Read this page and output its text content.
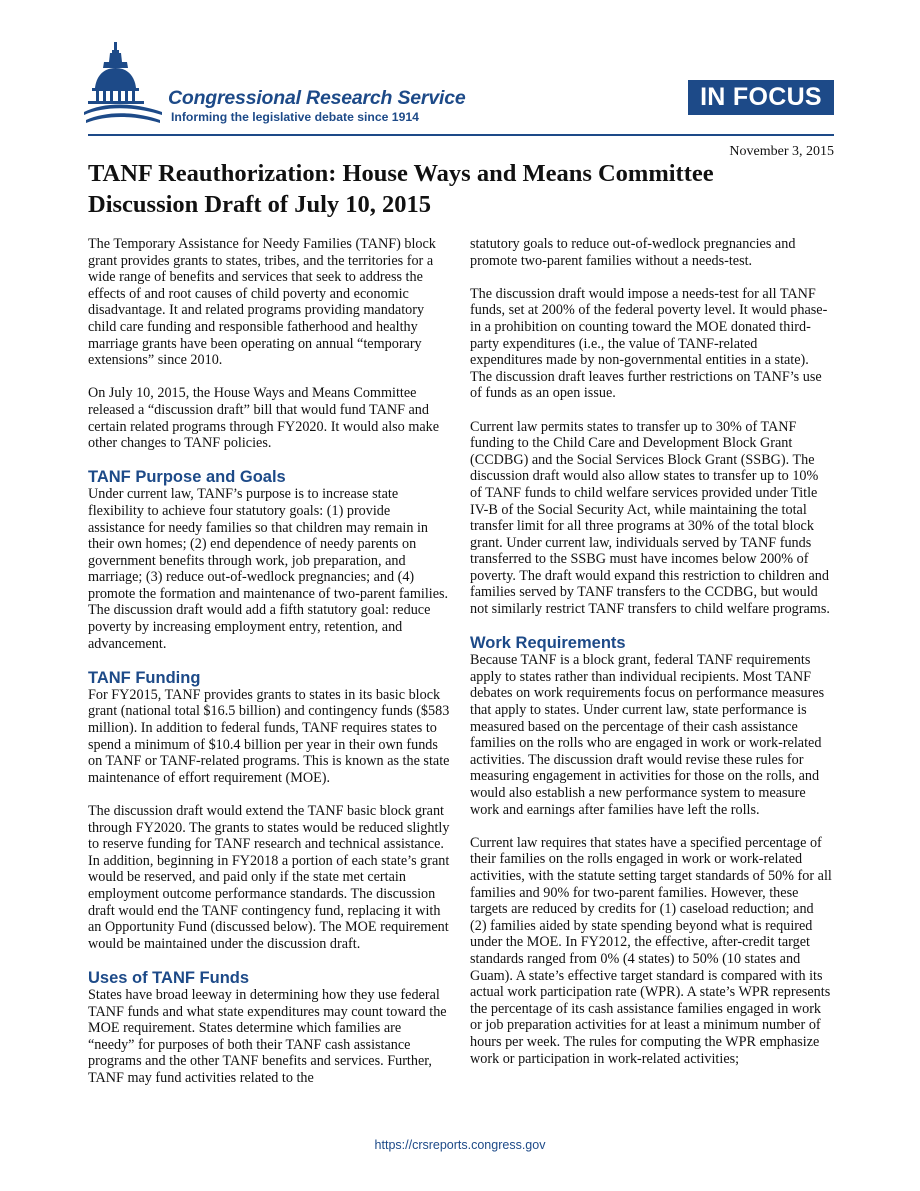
Congressional Research Service
Informing the legislative debate since 1914
IN FOCUS
November 3, 2015
TANF Reauthorization: House Ways and Means Committee Discussion Draft of July 10, 2015

The Temporary Assistance for Needy Families (TANF) block grant provides grants to states, tribes, and the territories for a wide range of benefits and services that seek to address the effects of and root causes of child poverty and economic disadvantage. It and related programs providing mandatory child care funding and responsible fatherhood and healthy marriage grants have been operating on annual “temporary extensions” since 2010.

On July 10, 2015, the House Ways and Means Committee released a “discussion draft” bill that would fund TANF and certain related programs through FY2020. It would also make other changes to TANF policies.

TANF Purpose and Goals

Under current law, TANF’s purpose is to increase state flexibility to achieve four statutory goals: (1) provide assistance for needy families so that children may remain in their own homes; (2) end dependence of needy parents on government benefits through work, job preparation, and marriage; (3) reduce out-of-wedlock pregnancies; and (4) promote the formation and maintenance of two-parent families. The discussion draft would add a fifth statutory goal: reduce poverty by increasing employment entry, retention, and advancement.

TANF Funding

For FY2015, TANF provides grants to states in its basic block grant (national total $16.5 billion) and contingency funds ($583 million). In addition to federal funds, TANF requires states to spend a minimum of $10.4 billion per year in their own funds on TANF or TANF-related programs. This is known as the state maintenance of effort requirement (MOE).

The discussion draft would extend the TANF basic block grant through FY2020. The grants to states would be reduced slightly to reserve funding for TANF research and technical assistance. In addition, beginning in FY2018 a portion of each state’s grant would be reserved, and paid only if the state met certain employment outcome performance standards. The discussion draft would end the TANF contingency fund, replacing it with an Opportunity Fund (discussed below). The MOE requirement would be maintained under the discussion draft.

Uses of TANF Funds

States have broad leeway in determining how they use federal TANF funds and what state expenditures may count toward the MOE requirement. States determine which families are “needy” for purposes of both their TANF cash assistance programs and the other TANF benefits and services. Further, TANF may fund activities related to the

statutory goals to reduce out-of-wedlock pregnancies and promote two-parent families without a needs-test.

The discussion draft would impose a needs-test for all TANF funds, set at 200% of the federal poverty level. It would phase-in a prohibition on counting toward the MOE donated third-party expenditures (i.e., the value of TANF-related expenditures made by non-governmental entities in a state). The discussion draft leaves further restrictions on TANF’s use of funds as an open issue.

Current law permits states to transfer up to 30% of TANF funding to the Child Care and Development Block Grant (CCDBG) and the Social Services Block Grant (SSBG). The discussion draft would also allow states to transfer up to 10% of TANF funds to child welfare services provided under Title IV-B of the Social Security Act, while maintaining the total transfer limit for all three programs at 30% of the total block grant. Under current law, individuals served by TANF funds transferred to the SSBG must have incomes below 200% of poverty. The draft would expand this restriction to children and families served by TANF transfers to the CCDBG, but would not similarly restrict TANF transfers to child welfare programs.

Work Requirements

Because TANF is a block grant, federal TANF requirements apply to states rather than individual recipients. Most TANF debates on work requirements focus on performance measures that apply to states. Under current law, state performance is measured based on the percentage of their cash assistance families on the rolls who are engaged in work or work-related activities. The discussion draft would revise these rules for measuring engagement in activities for those on the rolls, and would also establish a new performance system to measure work and earnings after families have left the rolls.

Current law requires that states have a specified percentage of their families on the rolls engaged in work or work-related activities, with the statute setting target standards of 50% for all families and 90% for two-parent families. However, these targets are reduced by credits for (1) caseload reduction; and (2) families aided by state spending beyond what is required under the MOE. In FY2012, the effective, after-credit target standards ranged from 0% (4 states) to 50% (10 states and Guam). A state’s effective target standard is compared with its actual work participation rate (WPR). A state’s WPR represents the percentage of its cash assistance families engaged in work or job preparation activities for at least a minimum number of hours per week. The rules for computing the WPR emphasize work or participation in work-related activities;

https://crsreports.congress.gov
